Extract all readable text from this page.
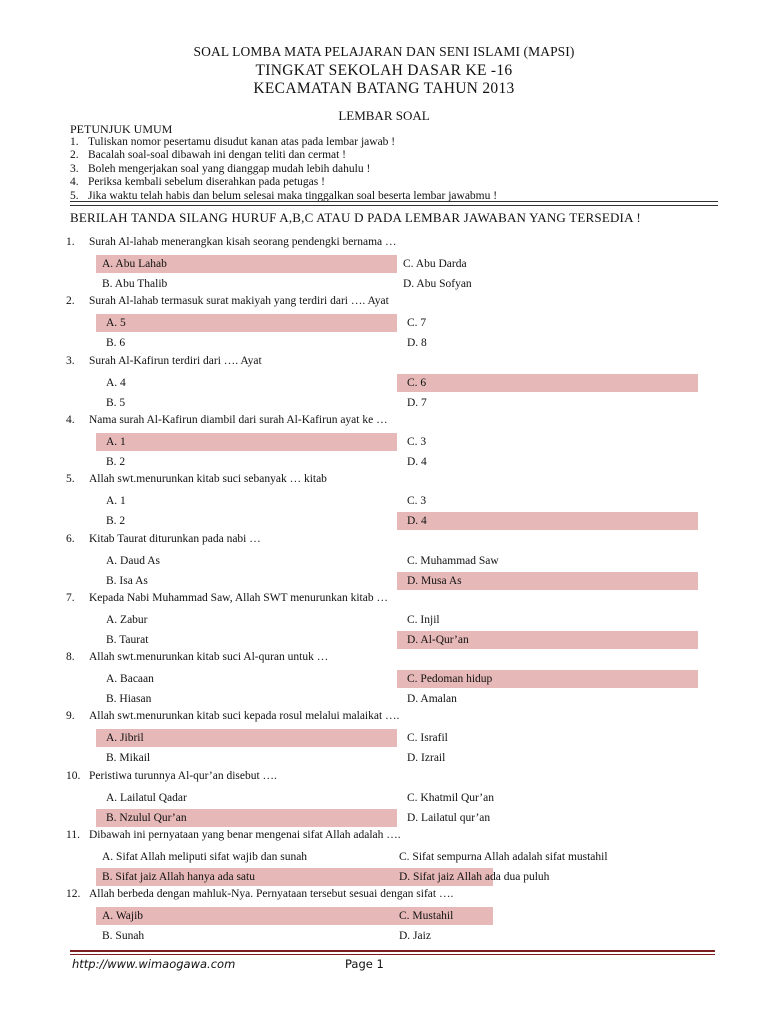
SOAL LOMBA MATA PELAJARAN DAN SENI ISLAMI (MAPSI)
TINGKAT SEKOLAH DASAR KE -16
KECAMATAN BATANG TAHUN 2013
LEMBAR SOAL
PETUNJUK UMUM
1. Tuliskan nomor pesertamu disudut kanan atas pada lembar jawab !
2. Bacalah soal-soal dibawah ini dengan teliti dan cermat !
3. Boleh mengerjakan soal yang dianggap mudah lebih dahulu !
4. Periksa kembali sebelum diserahkan pada petugas !
5. Jika waktu telah habis dan belum selesai maka tinggalkan soal beserta lembar jawabmu !
BERILAH TANDA SILANG HURUF A,B,C ATAU D PADA LEMBAR JAWABAN YANG TERSEDIA !
1.	Surah Al-lahab menerangkan kisah seorang pendengki bernama …
A. Abu Lahab
B. Abu Thalib
C. Abu Darda
D. Abu Sofyan
2.	Surah Al-lahab termasuk surat makiyah yang terdiri dari …. Ayat
A. 5
B. 6
C. 7
D. 8
3.	Surah Al-Kafirun terdiri dari …. Ayat
A. 4
B. 5
C. 6
D. 7
4.	Nama surah Al-Kafirun diambil dari surah Al-Kafirun ayat ke …
A. 1
B. 2
C. 3
D. 4
5.	Allah swt.menurunkan kitab suci sebanyak … kitab
A. 1
B. 2
C. 3
D. 4
6.	Kitab Taurat diturunkan pada nabi …
A. Daud As
B. Isa As
C. Muhammad Saw
D. Musa As
7.	Kepada Nabi Muhammad Saw, Allah SWT menurunkan kitab …
A. Zabur
B. Taurat
C. Injil
D. Al-Qur’an
8.	Allah swt.menurunkan kitab suci Al-quran untuk …
A. Bacaan
B. Hiasan
C. Pedoman hidup
D. Amalan
9.	Allah swt.menurunkan kitab suci kepada rosul melalui malaikat ….
A. Jibril
B. Mikail
C. Israfil
D. Izrail
10. Peristiwa turunnya Al-qur’an disebut ….
A. Lailatul Qadar
B. Nzulul Qur’an
C. Khatmil Qur’an
D. Lailatul qur’an
11. Dibawah ini pernyataan yang benar mengenai sifat Allah adalah ….
A. Sifat Allah meliputi sifat wajib dan sunah
B. Sifat jaiz Allah hanya ada satu
C. Sifat sempurna Allah adalah sifat mustahil
D. Sifat jaiz Allah ada dua puluh
12. Allah berbeda dengan mahluk-Nya. Pernyataan tersebut sesuai dengan sifat ….
A. Wajib
B. Sunah
C. Mustahil
D. Jaiz
http://www.wimaogawa.com	Page 1
